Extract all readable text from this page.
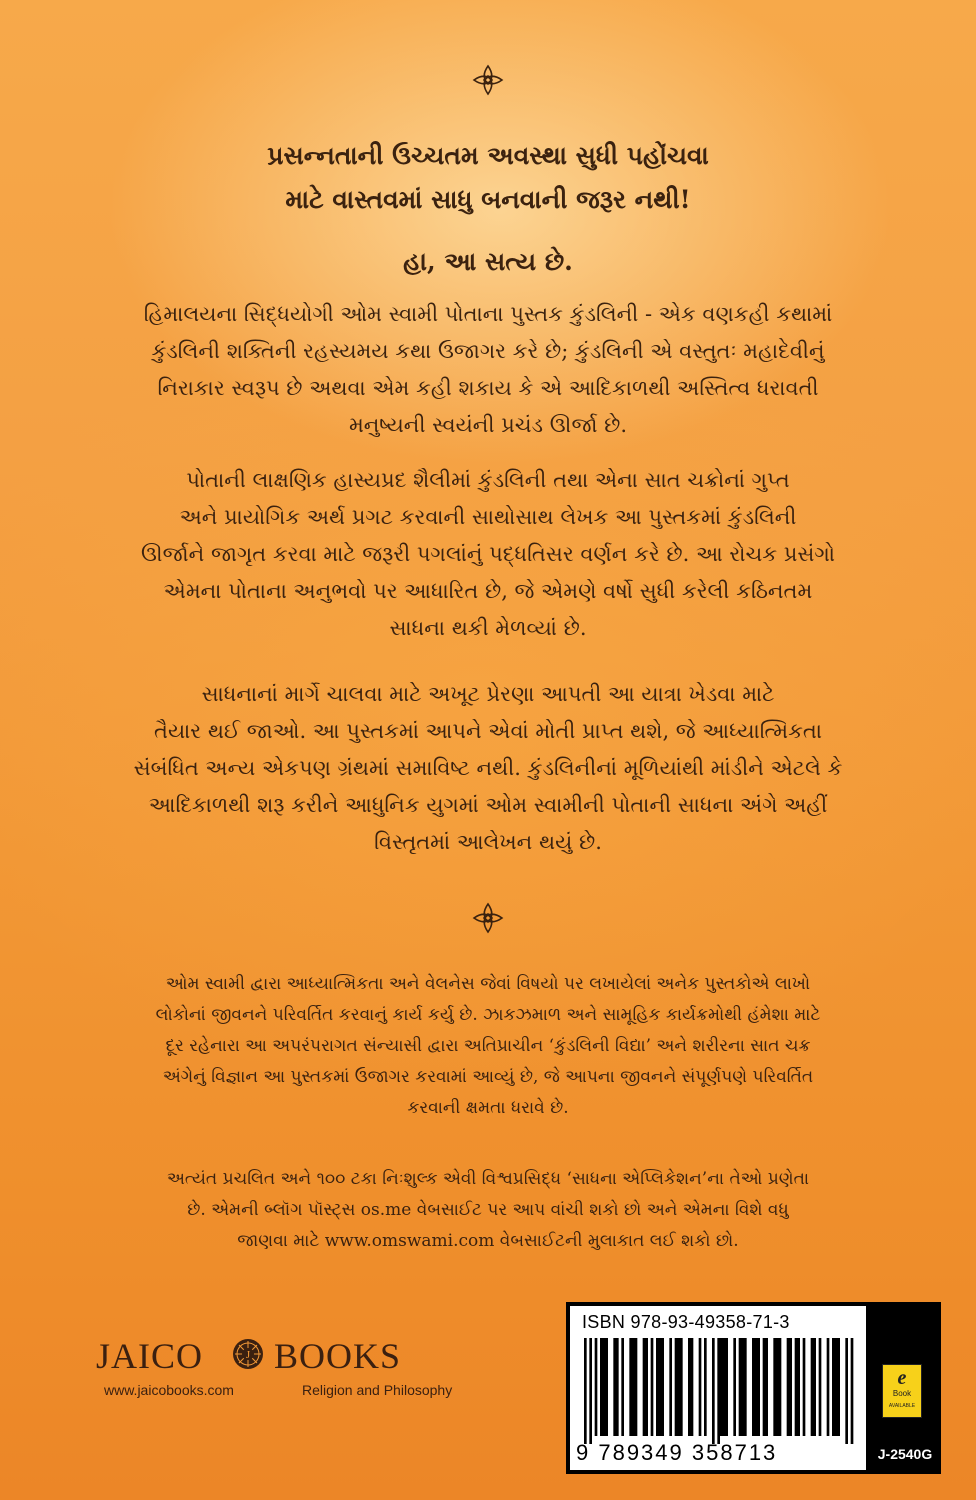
પ્રસન્નતાની ઉચ્ચતમ અવસ્થા સુધી પહોંચવા
માટે વાસ્તવમાં સાધુ બનવાની જરૂર નથી!
હા, આ સત્ય છે.
હિમાલયના સિદ્ધયોગી ઓમ સ્વામી પોતાના પુસ્તક કુંડલિની - એક વણકહી કથામાં
કુંડલિની શક્તિની રહસ્યમય કથા ઉજાગર કરે છે; કુંડલિની એ વસ્તુતઃ મહાદેવીનું
નિરાકાર સ્વરૂપ છે અથવા એમ કહી શકાય કે એ આદિકાળથી અસ્તિત્વ ધરાવતી
મનુષ્યની સ્વયંની પ્રચંડ ઊર્જા છે.
પોતાની લાક્ષણિક હાસ્યપ્રદ શૈલીમાં કુંડલિની તથા એના સાત ચક્રોનાં ગુપ્ત
અને પ્રાયોગિક અર્થ પ્રગટ કરવાની સાથોસાથ લેખક આ પુસ્તકમાં કુંડલિની
ઊર્જાને જાગૃત કરવા માટે જરૂરી પગલાંનું પદ્ધતિસર વર્ણન કરે છે. આ રોચક પ્રસંગો
એમના પોતાના અનુભવો પર આધારિત છે, જે એમણે વર્ષો સુધી કરેલી કઠિનતમ
સાધના થકી મેળવ્યાં છે.
સાધનાનાં માર્ગે ચાલવા માટે અખૂટ પ્રેરણા આપતી આ યાત્રા ખેડવા માટે
તૈયાર થઈ જાઓ. આ પુસ્તકમાં આપને એવાં મોતી પ્રાપ્ત થશે, જે આધ્યાત્મિકતા
સંબંધિત અન્ય એકપણ ગ્રંથમાં સમાવિષ્ટ નથી. કુંડલિનીનાં મૂળિયાંથી માંડીને એટલે કે
આદિકાળથી શરૂ કરીને આધુનિક યુગમાં ઓમ સ્વામીની પોતાની સાધના અંગે અહીં
વિસ્તૃતમાં આલેખન થયું છે.
ઓમ સ્વામી દ્વારા આધ્યાત્મિકતા અને વેલનેસ જેવાં વિષયો પર લખાયેલાં અનેક પુસ્તકોએ લાખો
લોકોનાં જીવનને પરિવર્તિત કરવાનું કાર્ય કર્યુ છે. ઝાકઝમાળ અને સામૂહિક કાર્યક્રમોથી હંમેશા માટે
દૂર રહેનારા આ અપરંપરાગત સંન્યાસી દ્વારા અતિપ્રાચીન ‘કુંડલિની વિદ્યા’ અને શરીરના સાત ચક્ર
અંગેનું વિજ્ઞાન આ પુસ્તકમાં ઉજાગર કરવામાં આવ્યું છે, જે આપના જીવનને સંપૂર્ણપણે પરિવર્તિત
કરવાની ક્ષમતા ધરાવે છે.
અત્યંત પ્રચલિત અને ૧૦૦ ટકા નિઃશુલ્ક એવી વિશ્વપ્રસિદ્ધ ‘સાધના એપ્લિકેશન’ના તેઓ પ્રણેતા
છે. એમની બ્લૉગ પૉસ્ટ્સ os.me વેબસાઈટ પર આપ વાંચી શકો છો અને એમના વિશે વધુ
જાણવા માટે www.omswami.com વેબસાઈટની મુલાકાત લઈ શકો છો.
JAICO	J BOOKS
www.jaicobooks.com	Religion and Philosophy
ISBN 978-93-49358-71-3
9 789349 358713
e
Book
AVAILABLE
J-2540G
